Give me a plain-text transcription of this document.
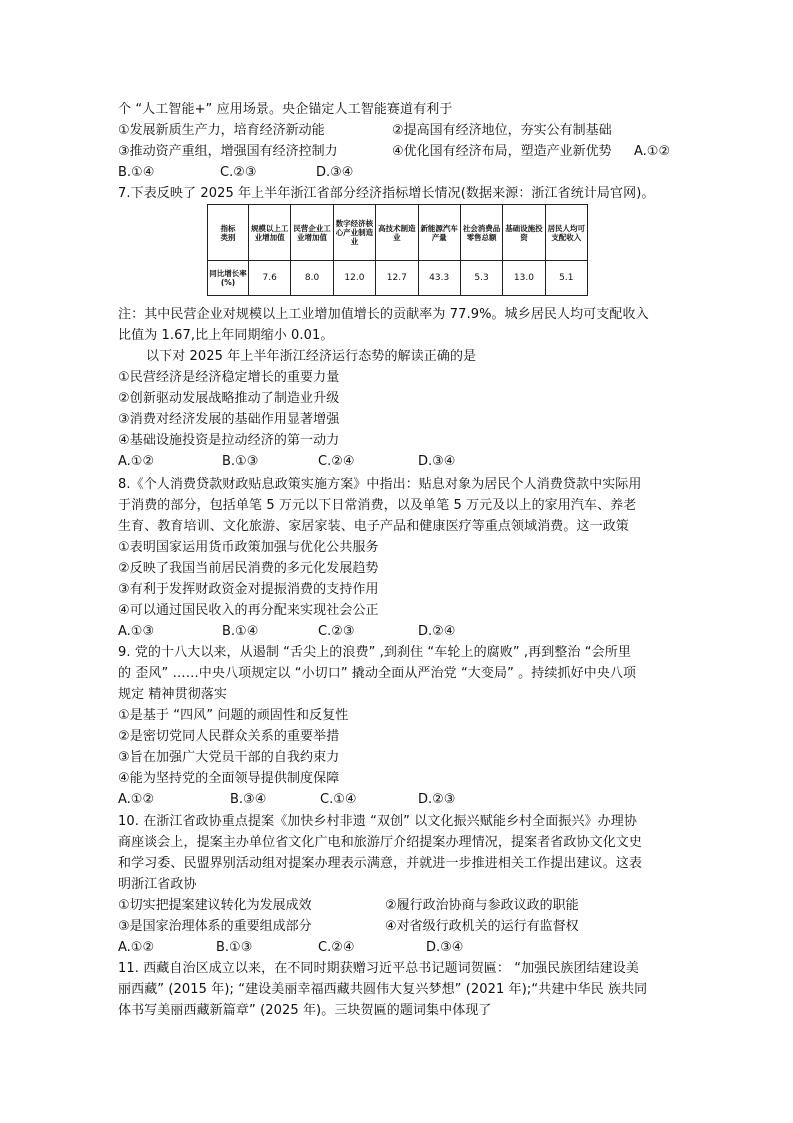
个 “人工智能+” 应用场景。央企锚定人工智能赛道有利于
①发展新质生产力，培育经济新动能	②提高国有经济地位，夯实公有制基础
③推动资产重组，增强国有经济控制力	④优化国有经济布局，塑造产业新优势 A.①②
B.①④	C.②③	D.③④
7.下表反映了 2025 年上半年浙江省部分经济指标增长情况(数据来源：浙江省统计局官网)。
指标
类别	规模以上工业增加值	民营企业工业增加值	数字经济核心产业制造业	高技术制造业	新能源汽车产量	社会消费品零售总额	基础设施投资	居民人均可支配收入
同比增长率(%)	7.6	8.0	12.0	12.7	43.3	5.3	13.0	5.1
注：其中民营企业对规模以上工业增加值增长的贡献率为 77.9%。城乡居民人均可支配收入
比值为 1.67,比上年同期缩小 0.01。
以下对 2025 年上半年浙江经济运行态势的解读正确的是
①民营经济是经济稳定增长的重要力量
②创新驱动发展战略推动了制造业升级
③消费对经济发展的基础作用显著增强
④基础设施投资是拉动经济的第一动力
A.①②	B.①③	C.②④	D.③④
8.《个人消费贷款财政贴息政策实施方案》中指出：贴息对象为居民个人消费贷款中实际用
于消费的部分，包括单笔 5 万元以下日常消费，以及单笔 5 万元及以上的家用汽车、养老
生育、教育培训、文化旅游、家居家装、电子产品和健康医疗等重点领域消费。这一政策
①表明国家运用货币政策加强与优化公共服务
②反映了我国当前居民消费的多元化发展趋势
③有利于发挥财政资金对提振消费的支持作用
④可以通过国民收入的再分配来实现社会公正
A.①③	B.①④	C.②③	D.②④
9. 党的十八大以来，从遏制 “舌尖上的浪费” ,到刹住 “车轮上的腐败” ,再到整治 “会所里
的 歪风” ……中央八项规定以 “小切口” 撬动全面从严治党 “大变局” 。持续抓好中央八项
规定 精神贯彻落实
①是基于 “四风” 问题的顽固性和反复性
②是密切党同人民群众关系的重要举措
③旨在加强广大党员干部的自我约束力
④能为坚持党的全面领导提供制度保障
A.①②	B.③④	C.①④	D.②③
10. 在浙江省政协重点提案《加快乡村非遗 “双创” 以文化振兴赋能乡村全面振兴》办理协
商座谈会上，提案主办单位省文化广电和旅游厅介绍提案办理情况，提案者省政协文化文史
和学习委、民盟界别活动组对提案办理表示满意，并就进一步推进相关工作提出建议。这表
明浙江省政协
①切实把提案建议转化为发展成效	②履行政治协商与参政议政的职能
③是国家治理体系的重要组成部分	④对省级行政机关的运行有监督权
A.①②	B.①③	C.②④	D.③④
11. 西藏自治区成立以来，在不同时期获赠习近平总书记题词贺匾： “加强民族团结建设美
丽西藏” (2015 年); “建设美丽幸福西藏共圆伟大复兴梦想” (2021 年);“共建中华民 族共同
体书写美丽西藏新篇章” (2025 年)。三块贺匾的题词集中体现了
